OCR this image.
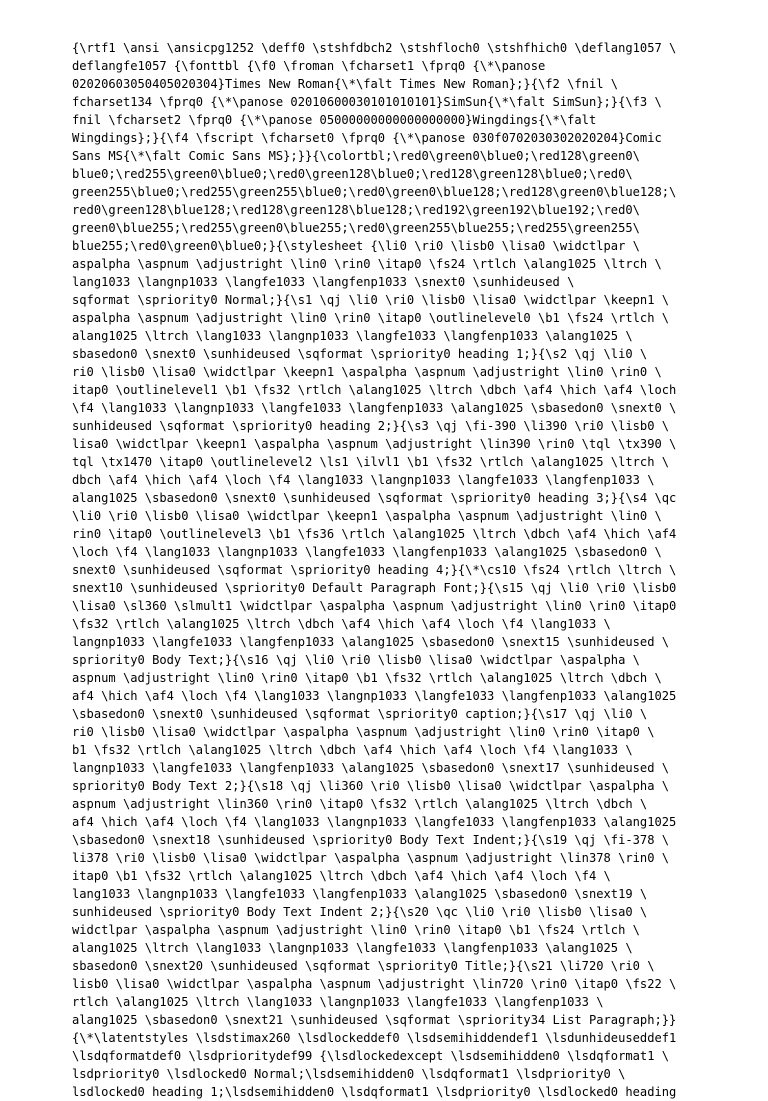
{\rtf1 \ansi \ansicpg1252 \deff0 \stshfdbch2 \stshfloch0 \stshfhich0 \deflang1057 \
deflangfe1057 {\fonttbl {\f0 \froman \fcharset1 \fprq0 {\*\panose
02020603050405020304}Times New Roman{\*\falt Times New Roman};}{\f2 \fnil \
fcharset134 \fprq0 {\*\panose 02010600030101010101}SimSun{\*\falt SimSun};}{\f3 \
fnil \fcharset2 \fprq0 {\*\panose 05000000000000000000}Wingdings{\*\falt
Wingdings};}{\f4 \fscript \fcharset0 \fprq0 {\*\panose 030f0702030302020204}Comic
Sans MS{\*\falt Comic Sans MS};}}{\colortbl;\red0\green0\blue0;\red128\green0\
blue0;\red255\green0\blue0;\red0\green128\blue0;\red128\green128\blue0;\red0\
green255\blue0;\red255\green255\blue0;\red0\green0\blue128;\red128\green0\blue128;\
red0\green128\blue128;\red128\green128\blue128;\red192\green192\blue192;\red0\
green0\blue255;\red255\green0\blue255;\red0\green255\blue255;\red255\green255\
blue255;\red0\green0\blue0;}{\stylesheet {\li0 \ri0 \lisb0 \lisa0 \widctlpar \
aspalpha \aspnum \adjustright \lin0 \rin0 \itap0 \fs24 \rtlch \alang1025 \ltrch \
lang1033 \langnp1033 \langfe1033 \langfenp1033 \snext0 \sunhideused \
sqformat \spriority0 Normal;}{\s1 \qj \li0 \ri0 \lisb0 \lisa0 \widctlpar \keepn1 \
aspalpha \aspnum \adjustright \lin0 \rin0 \itap0 \outlinelevel0 \b1 \fs24 \rtlch \
alang1025 \ltrch \lang1033 \langnp1033 \langfe1033 \langfenp1033 \alang1025 \
sbasedon0 \snext0 \sunhideused \sqformat \spriority0 heading 1;}{\s2 \qj \li0 \
ri0 \lisb0 \lisa0 \widctlpar \keepn1 \aspalpha \aspnum \adjustright \lin0 \rin0 \
itap0 \outlinelevel1 \b1 \fs32 \rtlch \alang1025 \ltrch \dbch \af4 \hich \af4 \loch
\f4 \lang1033 \langnp1033 \langfe1033 \langfenp1033 \alang1025 \sbasedon0 \snext0 \
sunhideused \sqformat \spriority0 heading 2;}{\s3 \qj \fi-390 \li390 \ri0 \lisb0 \
lisa0 \widctlpar \keepn1 \aspalpha \aspnum \adjustright \lin390 \rin0 \tql \tx390 \
tql \tx1470 \itap0 \outlinelevel2 \ls1 \ilvl1 \b1 \fs32 \rtlch \alang1025 \ltrch \
dbch \af4 \hich \af4 \loch \f4 \lang1033 \langnp1033 \langfe1033 \langfenp1033 \
alang1025 \sbasedon0 \snext0 \sunhideused \sqformat \spriority0 heading 3;}{\s4 \qc
\li0 \ri0 \lisb0 \lisa0 \widctlpar \keepn1 \aspalpha \aspnum \adjustright \lin0 \
rin0 \itap0 \outlinelevel3 \b1 \fs36 \rtlch \alang1025 \ltrch \dbch \af4 \hich \af4
\loch \f4 \lang1033 \langnp1033 \langfe1033 \langfenp1033 \alang1025 \sbasedon0 \
snext0 \sunhideused \sqformat \spriority0 heading 4;}{\*\cs10 \fs24 \rtlch \ltrch \
snext10 \sunhideused \spriority0 Default Paragraph Font;}{\s15 \qj \li0 \ri0 \lisb0
\lisa0 \sl360 \slmult1 \widctlpar \aspalpha \aspnum \adjustright \lin0 \rin0 \itap0
\fs32 \rtlch \alang1025 \ltrch \dbch \af4 \hich \af4 \loch \f4 \lang1033 \
langnp1033 \langfe1033 \langfenp1033 \alang1025 \sbasedon0 \snext15 \sunhideused \
spriority0 Body Text;}{\s16 \qj \li0 \ri0 \lisb0 \lisa0 \widctlpar \aspalpha \
aspnum \adjustright \lin0 \rin0 \itap0 \b1 \fs32 \rtlch \alang1025 \ltrch \dbch \
af4 \hich \af4 \loch \f4 \lang1033 \langnp1033 \langfe1033 \langfenp1033 \alang1025
\sbasedon0 \snext0 \sunhideused \sqformat \spriority0 caption;}{\s17 \qj \li0 \
ri0 \lisb0 \lisa0 \widctlpar \aspalpha \aspnum \adjustright \lin0 \rin0 \itap0 \
b1 \fs32 \rtlch \alang1025 \ltrch \dbch \af4 \hich \af4 \loch \f4 \lang1033 \
langnp1033 \langfe1033 \langfenp1033 \alang1025 \sbasedon0 \snext17 \sunhideused \
spriority0 Body Text 2;}{\s18 \qj \li360 \ri0 \lisb0 \lisa0 \widctlpar \aspalpha \
aspnum \adjustright \lin360 \rin0 \itap0 \fs32 \rtlch \alang1025 \ltrch \dbch \
af4 \hich \af4 \loch \f4 \lang1033 \langnp1033 \langfe1033 \langfenp1033 \alang1025
\sbasedon0 \snext18 \sunhideused \spriority0 Body Text Indent;}{\s19 \qj \fi-378 \
li378 \ri0 \lisb0 \lisa0 \widctlpar \aspalpha \aspnum \adjustright \lin378 \rin0 \
itap0 \b1 \fs32 \rtlch \alang1025 \ltrch \dbch \af4 \hich \af4 \loch \f4 \
lang1033 \langnp1033 \langfe1033 \langfenp1033 \alang1025 \sbasedon0 \snext19 \
sunhideused \spriority0 Body Text Indent 2;}{\s20 \qc \li0 \ri0 \lisb0 \lisa0 \
widctlpar \aspalpha \aspnum \adjustright \lin0 \rin0 \itap0 \b1 \fs24 \rtlch \
alang1025 \ltrch \lang1033 \langnp1033 \langfe1033 \langfenp1033 \alang1025 \
sbasedon0 \snext20 \sunhideused \sqformat \spriority0 Title;}{\s21 \li720 \ri0 \
lisb0 \lisa0 \widctlpar \aspalpha \aspnum \adjustright \lin720 \rin0 \itap0 \fs22 \
rtlch \alang1025 \ltrch \lang1033 \langnp1033 \langfe1033 \langfenp1033 \
alang1025 \sbasedon0 \snext21 \sunhideused \sqformat \spriority34 List Paragraph;}}
{\*\latentstyles \lsdstimax260 \lsdlockeddef0 \lsdsemihiddendef1 \lsdunhideuseddef1
\lsdqformatdef0 \lsdprioritydef99 {\lsdlockedexcept \lsdsemihidden0 \lsdqformat1 \
lsdpriority0 \lsdlocked0 Normal;\lsdsemihidden0 \lsdqformat1 \lsdpriority0 \
lsdlocked0 heading 1;\lsdsemihidden0 \lsdqformat1 \lsdpriority0 \lsdlocked0 heading
